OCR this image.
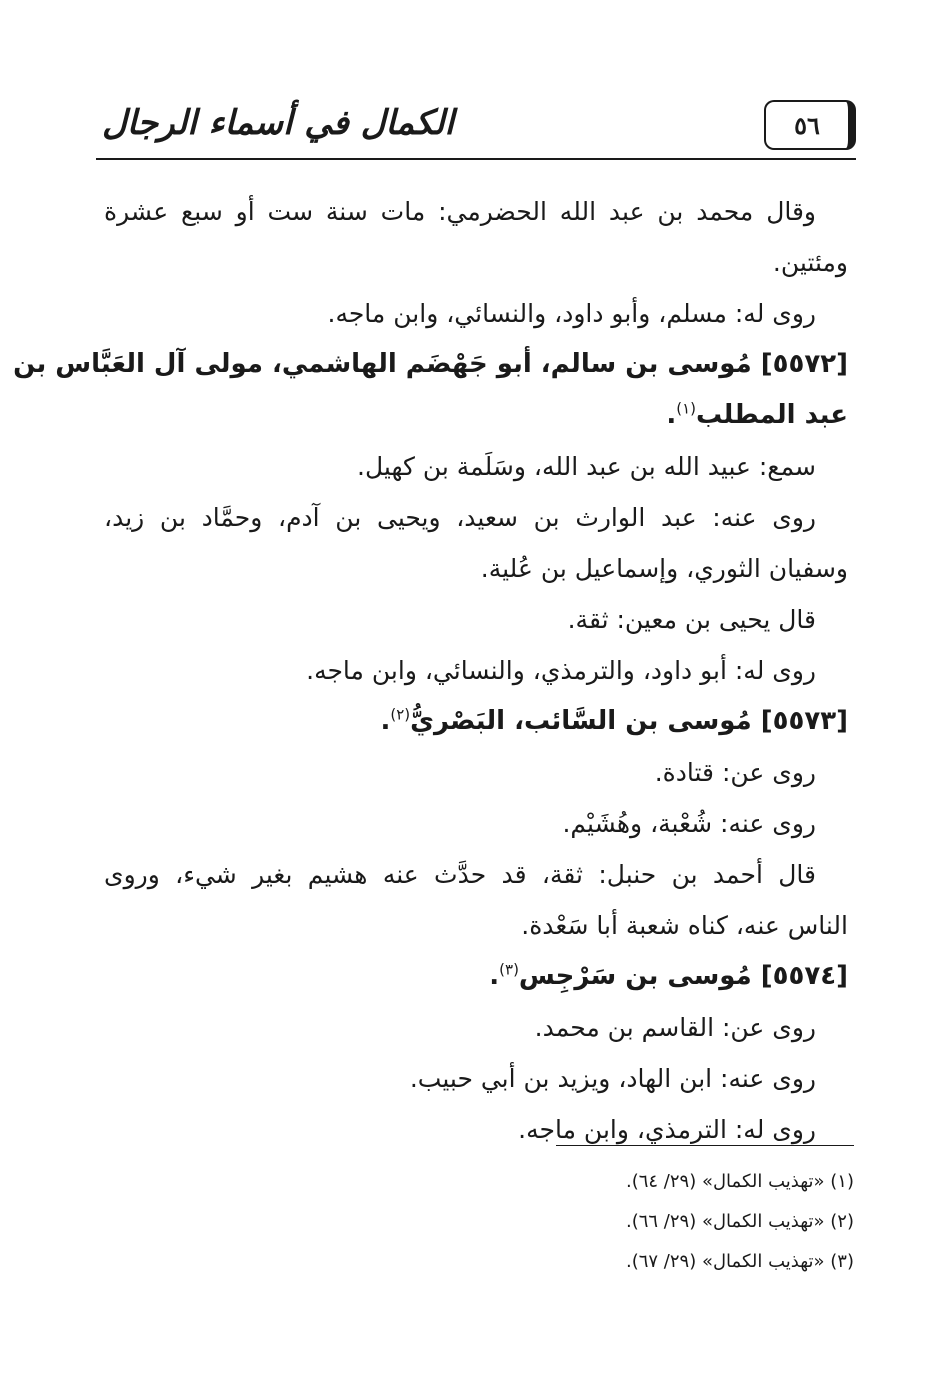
الكمال في أسماء الرجال	٥٦
وقال محمد بن عبد الله الحضرمي: مات سنة ست أو سبع عشرة
ومئتين.
روى له: مسلم، وأبو داود، والنسائي، وابن ماجه.
[٥٥٧٢] مُوسى بن سالم، أبو جَهْضَم الهاشمي، مولى آل العَبَّاس بن
عبد المطلب$^{(١)}$.
سمع: عبيد الله بن عبد الله، وسَلَمة بن كهيل.
روى عنه: عبد الوارث بن سعيد، ويحيى بن آدم، وحمَّاد بن زيد،
وسفيان الثوري، وإسماعيل بن عُلية.
قال يحيى بن معين: ثقة.
روى له: أبو داود، والترمذي، والنسائي، وابن ماجه.
[٥٥٧٣] مُوسى بن السَّائب، البَصْريُّ$^{(٢)}$.
روى عن: قتادة.
روى عنه: شُعْبة، وهُشَيْم.
قال أحمد بن حنبل: ثقة، قد حدَّث عنه هشيم بغير شيء، وروى
الناس عنه، كناه شعبة أبا سَعْدة.
[٥٥٧٤] مُوسى بن سَرْجِس$^{(٣)}$.
روى عن: القاسم بن محمد.
روى عنه: ابن الهاد، ويزيد بن أبي حبيب.
روى له: الترمذي، وابن ماجه.
(١) «تهذيب الكمال» (٢٩/ ٦٤).
(٢) «تهذيب الكمال» (٢٩/ ٦٦).
(٣) «تهذيب الكمال» (٢٩/ ٦٧).
